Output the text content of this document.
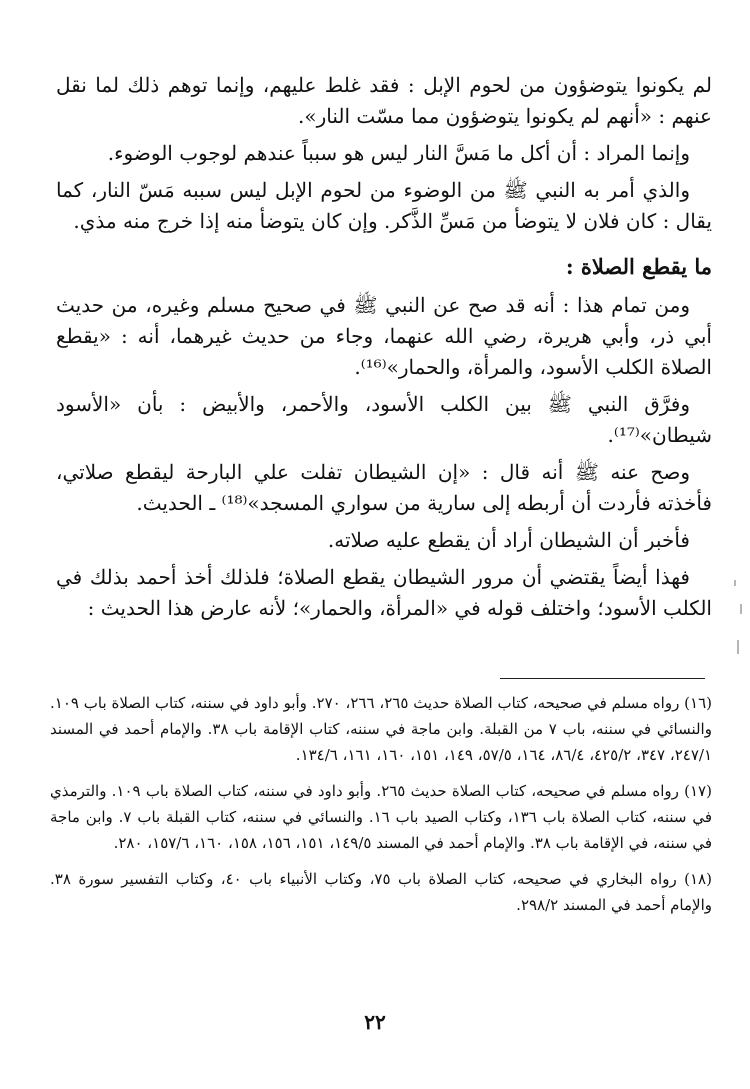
لم يكونوا يتوضؤون من لحوم الإبل : فقد غلط عليهم، وإنما توهم ذلك لما نقل عنهم : «أنهم لم يكونوا يتوضؤون مما مسّت النار».

وإنما المراد : أن أكل ما مَسَّ النار ليس هو سبباً عندهم لوجوب الوضوء.

والذي أمر به النبي ﷺ من الوضوء من لحوم الإبل ليس سببه مَسّ النار، كما يقال : كان فلان لا يتوضأ من مَسِّ الذَّكر. وإن كان يتوضأ منه إذا خرج منه مذي.

ما يقطع الصلاة :

ومن تمام هذا : أنه قد صح عن النبي ﷺ في صحيح مسلم وغيره، من حديث أبي ذر، وأبي هريرة، رضي الله عنهما، وجاء من حديث غيرهما، أنه : «يقطع الصلاة الكلب الأسود، والمرأة، والحمار»⁽¹⁶⁾.

وفرَّق النبي ﷺ بين الكلب الأسود، والأحمر، والأبيض : بأن «الأسود شيطان»⁽¹⁷⁾.

وصح عنه ﷺ أنه قال : «إن الشيطان تفلت علي البارحة ليقطع صلاتي، فأخذته فأردت أن أربطه إلى سارية من سواري المسجد»⁽¹⁸⁾ ـ الحديث.

فأخبر أن الشيطان أراد أن يقطع عليه صلاته.

فهذا أيضاً يقتضي أن مرور الشيطان يقطع الصلاة؛ فلذلك أخذ أحمد بذلك في الكلب الأسود؛ واختلف قوله في «المرأة، والحمار»؛ لأنه عارض هذا الحديث :

(١٦) رواه مسلم في صحيحه، كتاب الصلاة حديث ٢٦٥، ٢٦٦، ٢٧٠. وأبو داود في سننه، كتاب الصلاة باب ١٠٩. والنسائي في سننه، باب ٧ من القبلة. وابن ماجة في سننه، كتاب الإقامة باب ٣٨. والإمام أحمد في المسند ٢٤٧/١، ٣٤٧، ٤٢٥/٢، ٨٦/٤، ١٦٤، ٥٧/٥، ١٤٩، ١٥١، ١٦٠، ١٦١، ١٣٤/٦.

(١٧) رواه مسلم في صحيحه، كتاب الصلاة حديث ٢٦٥. وأبو داود في سننه، كتاب الصلاة باب ١٠٩. والترمذي في سننه، كتاب الصلاة باب ١٣٦، وكتاب الصيد باب ١٦. والنسائي في سننه، كتاب القبلة باب ٧. وابن ماجة في سننه، في الإقامة باب ٣٨. والإمام أحمد في المسند ١٤٩/٥، ١٥١، ١٥٦، ١٥٨، ١٦٠، ١٥٧/٦، ٢٨٠.

(١٨) رواه البخاري في صحيحه، كتاب الصلاة باب ٧٥، وكتاب الأنبياء باب ٤٠، وكتاب التفسير سورة ٣٨. والإمام أحمد في المسند ٢٩٨/٢.

٢٢
